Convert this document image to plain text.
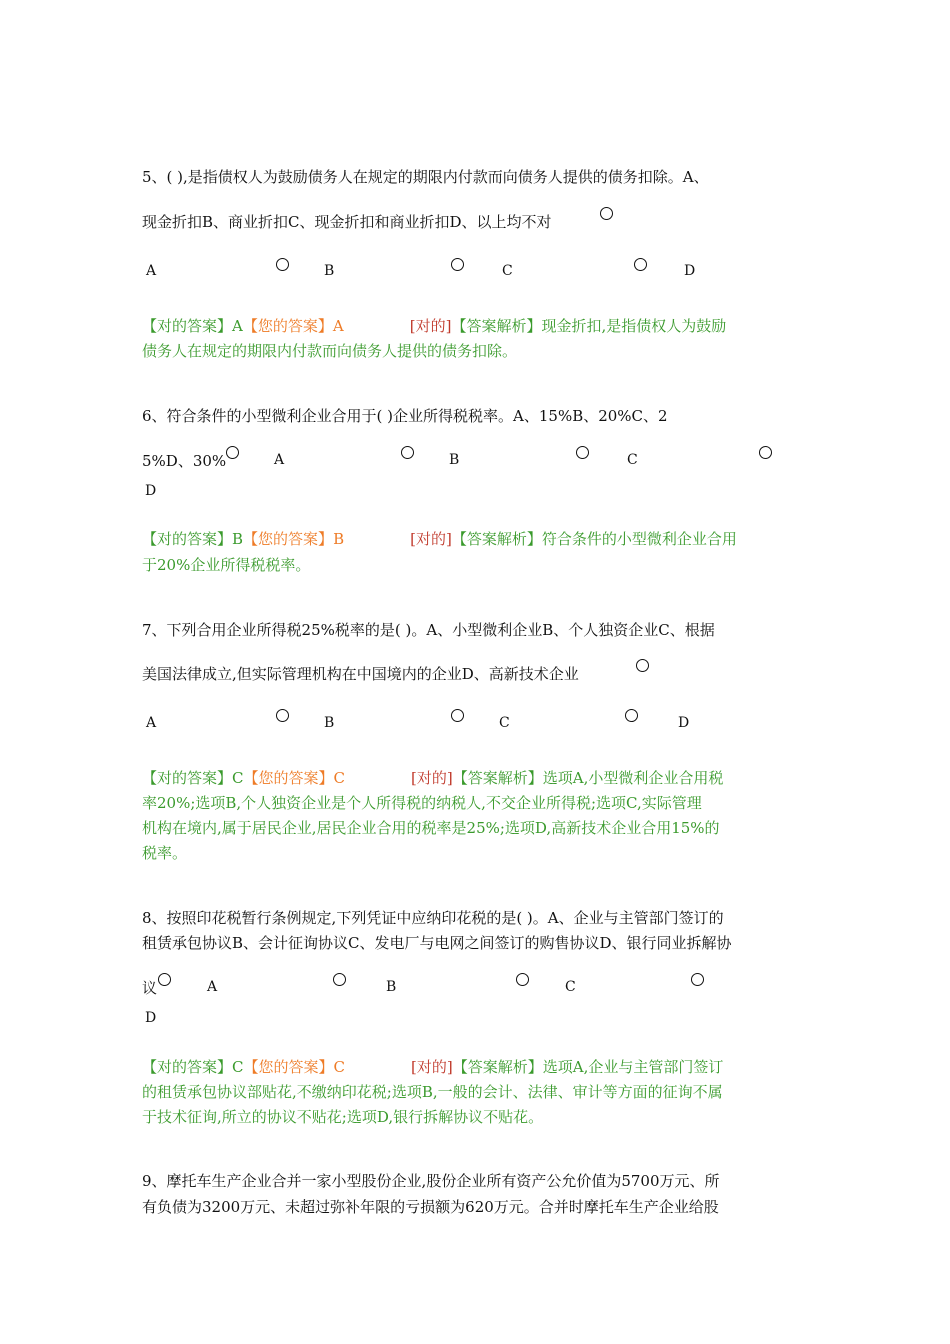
5、( ),是指债权人为鼓励债务人在规定的期限内付款而向债务人提供的债务扣除。A、
现金折扣B、商业折扣C、现金折扣和商业折扣D、以上均不对
A	B	C	D
【对的答案】A【您的答案】A	[对的]【答案解析】现金折扣,是指债权人为鼓励
债务人在规定的期限内付款而向债务人提供的债务扣除。
6、符合条件的小型微利企业合用于( )企业所得税税率。A、15%B、20%C、2
5%D、30%	A	B	C
D
【对的答案】B【您的答案】B	[对的]【答案解析】符合条件的小型微利企业合用
于20%企业所得税税率。
7、下列合用企业所得税25%税率的是( )。A、小型微利企业B、个人独资企业C、根据
美国法律成立,但实际管理机构在中国境内的企业D、高新技术企业
A	B	C	D
【对的答案】C【您的答案】C	[对的]【答案解析】选项A,小型微利企业合用税
率20%;选项B,个人独资企业是个人所得税的纳税人,不交企业所得税;选项C,实际管理
机构在境内,属于居民企业,居民企业合用的税率是25%;选项D,高新技术企业合用15%的
税率。
8、按照印花税暂行条例规定,下列凭证中应纳印花税的是( )。A、企业与主管部门签订的
租赁承包协议B、会计征询协议C、发电厂与电网之间签订的购售协议D、银行同业拆解协
议	A	B	C
D
【对的答案】C【您的答案】C	[对的]【答案解析】选项A,企业与主管部门签订
的租赁承包协议部贴花,不缴纳印花税;选项B,一般的会计、法律、审计等方面的征询不属
于技术征询,所立的协议不贴花;选项D,银行拆解协议不贴花。
9、摩托车生产企业合并一家小型股份企业,股份企业所有资产公允价值为5700万元、所
有负债为3200万元、未超过弥补年限的亏损额为620万元。合并时摩托车生产企业给股
